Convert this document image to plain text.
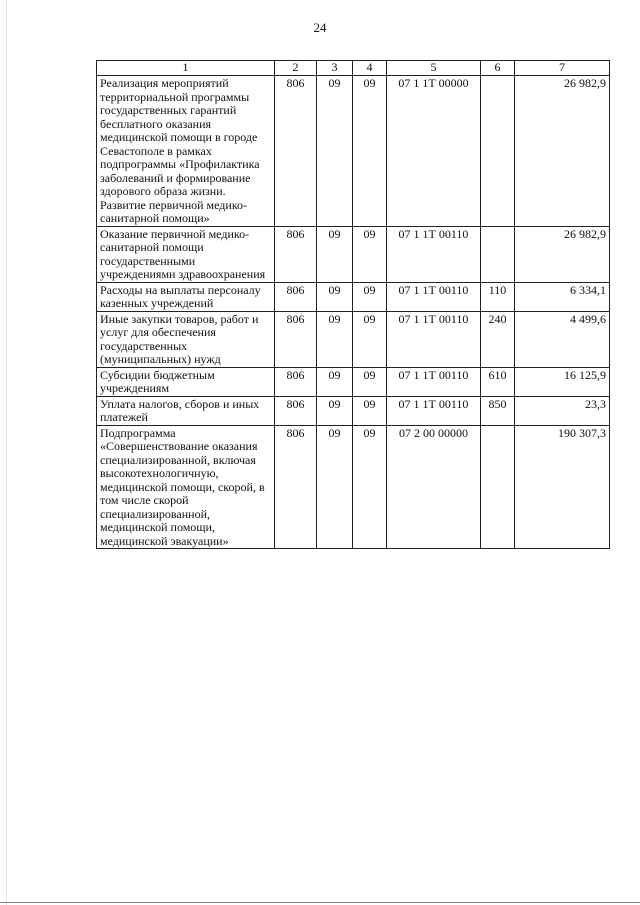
24
1	2	3	4	5	6	7
Реализация мероприятий территориальной программы государственных гарантий бесплатного оказания медицинской помощи в городе Севастополе в рамках подпрограммы «Профилактика заболеваний и формирование здорового образа жизни. Развитие первичной медико-санитарной помощи»	806	09	09	07 1 1Т 00000		26 982,9
Оказание первичной медико-санитарной помощи государственными учреждениями здравоохранения	806	09	09	07 1 1Т 00110		26 982,9
Расходы на выплаты персоналу казенных учреждений	806	09	09	07 1 1Т 00110	110	6 334,1
Иные закупки товаров, работ и услуг для обеспечения государственных (муниципальных) нужд	806	09	09	07 1 1Т 00110	240	4 499,6
Субсидии бюджетным учреждениям	806	09	09	07 1 1Т 00110	610	16 125,9
Уплата налогов, сборов и иных платежей	806	09	09	07 1 1Т 00110	850	23,3
Подпрограмма «Совершенствование оказания специализированной, включая высокотехнологичную, медицинской помощи, скорой, в том числе скорой специализированной, медицинской помощи, медицинской эвакуации»	806	09	09	07 2 00 00000		190 307,3
